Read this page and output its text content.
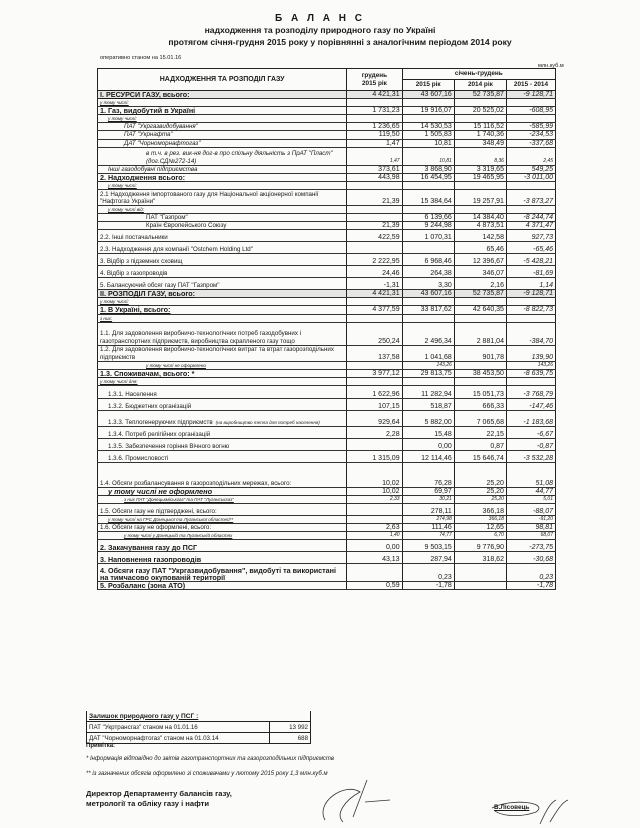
Б А Л А Н С
надходження та розподілу природного газу по Україні
протягом січня-грудня 2015 року у порівнянні з аналогічним періодом 2014 року
оперативно станом на 15.01.16
млн.куб.м
НАДХОДЖЕННЯ ТА РОЗПОДІЛ ГАЗУ	грудень 2015 рік	січень-грудень		
		2015 рік	2014 рік	2015 - 2014
І. РЕСУРСИ ГАЗУ, всього:	4 421,31	43 607,16	52 735,87	-9 128,71
у тому числі:				
1. Газ, видобутий в Україні	1 731,23	19 916,07	20 525,02	-608,95
у тому числі:				
ПАТ "Укргазвидобування"	1 236,65	14 530,53	15 116,52	-585,99
ПАТ "Укрнафта"	119,50	1 505,83	1 740,36	-234,53
ДАТ "Чорноморнафтогаз"	1,47	10,81	348,49	-337,68
в т.ч. в рез. вик-ня дог-в про спільну діяльність з ПрАТ "Пласт" (дог.СД№272-14)	1,47	10,81	8,36	2,45
Інші газодобувні підприємства	373,61	3 868,90	3 319,65	549,25
2. Надходження всього:	443,98	16 454,95	19 465,95	-3 011,00
у тому числі:				
2.1 Надходження імпортованого газу для Національної акціонерної компанії "Нафтогаз України"	21,39	15 384,64	19 257,91	-3 873,27
у тому числі від:				
ПАТ "Газпром"		6 139,66	14 384,40	-8 244,74
Країн Європейського Союзу	21,39	9 244,98	4 873,51	4 371,47
2.2. Інші постачальники	422,59	1 070,31	142,58	927,73
2.3. Надходження для компанії "Ostchem Holding Ltd"			65,46	-65,46
3. Відбір з підземних сховищ	2 222,95	6 968,46	12 396,67	-5 428,21
4. Відбір з газопроводів	24,46	264,38	346,07	-81,69
5. Балансуючий обсяг газу ПАТ "Газпром"	-1,31	3,30	2,16	1,14
ІІ. РОЗПОДІЛ ГАЗУ, всього:	4 421,31	43 607,16	52 735,87	-9 128,71
у тому числі:				
1. В Україні, всього:	4 377,59	33 817,62	42 640,35	-8 822,73
з них:				
1.1. Для задоволення виробничо-технологічних потреб газодобувних і газотранспортних підприємств, виробництва скрапленого газу тощо	250,24	2 496,34	2 881,04	-384,70
1.2. Для задоволення виробничо-технологічних витрат та втрат газорозподільних підприємств	137,58	1 041,68	901,78	139,90
у тому числі не оформлено		143,26		143,26
1.3. Споживачам, всього: *	3 977,12	29 813,75	38 453,50	-8 639,75
у тому числі для:				
1.3.1. Населення	1 622,96	11 282,94	15 051,73	-3 768,79
1.3.2. Бюджетних організацій	107,15	518,87	666,33	-147,46
1.3.3. Теплогенеруючих підприємств (на виробництво тепла для потреб населення)	929,64	5 882,00	7 065,68	-1 183,68
1.3.4. Потреб релігійних організацій	2,28	15,48	22,15	-6,67
1.3.5. Забезпечення горіння Вічного вогню		0,00	0,87	-0,87
1.3.6. Промисловості	1 315,09	12 114,46	15 646,74	-3 532,28
1.4. Обсяги розбалансування в газорозподільних мережах, всього:	10,02	76,28	25,20	51,08
у тому числі не оформлено	10,02	69,97	25,20	44,77
з них ПАТ "Донецькміськгаз" та ПАТ "Луганськгаз"	2,33	30,21	25,20	5,01
1.5. Обсяги газу не підтверджені, всього:		278,11	366,18	-88,07
у тому числі на ГРС Донецької та Луганської областей**		274,98	366,18	-91,20
1.6. Обсяги газу не оформлені, всього:	2,63	111,46	12,65	98,81
у тому числі у Донецькій та Луганській областях	1,40	74,77	6,70	68,07
2. Закачування газу до ПСГ	0,00	9 503,15	9 776,90	-273,75
3. Наповнення газопроводів	43,13	287,94	318,62	-30,68
4. Обсяги газу ПАТ "Укргазвидобування", видобуті та використані на тимчасово окупованій території		0,23		0,23
5. Розбаланс (зона АТО)	0,59	-1,78		-1,78
Залишок природного газу у ПСГ :	
ПАТ "Укртрансгаз" станом на 01.01.16	13 992
ДАТ "Чорноморнафтогаз" станом на 01.03.14	688
Примітка:
* Інформація відповідно до звітів газотранспортних та газорозподільних підприємств
** із зазначених обсягів оформлено зі споживачами у лютому 2015 року 1,3 млн.куб.м
Директор Департаменту балансів газу,
метрології та обліку газу і нафти	В.Лісовець
